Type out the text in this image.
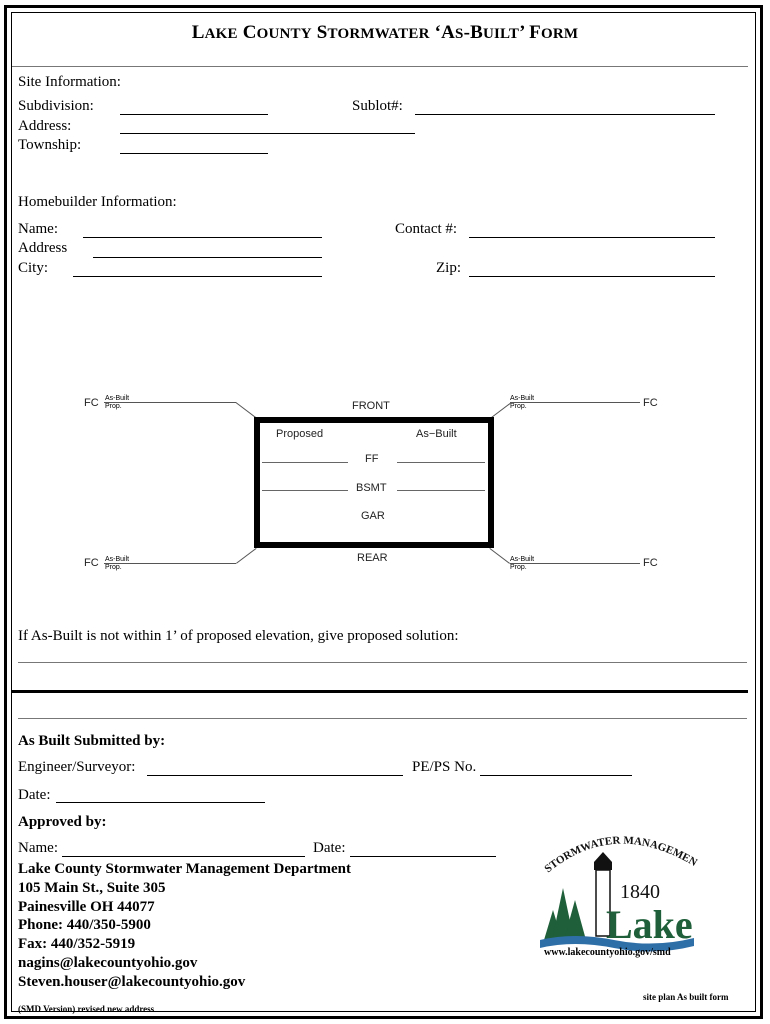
LAKE COUNTY STORMWATER ‘AS-BUILT’ FORM
Site Information:
Subdivision:	Sublot#:
Address:
Township:
Homebuilder Information:
Name:	Contact #:
Address
City:	Zip:
FC As-Built
Prop.
As-Built
Prop.	FC
FC As-Built
Prop.
As-Built
Prop.	FC
FRONT
Proposed	As−Built
FF
BSMT
GAR
REAR
If As-Built is not within 1’ of proposed elevation, give proposed solution:
As Built Submitted by:
Engineer/Surveyor:	PE/PS No.
Date:
Approved by:
Name:	Date:
Lake County Stormwater Management Department
105 Main St., Suite 305
Painesville OH 44077
Phone: 440/350-5900
Fax: 440/352-5919
nagins@lakecountyohio.gov
Steven.houser@lakecountyohio.gov
STORMWATER MANAGEMEN
1840
Lake
www.lakecountyohio.gov/smd
site plan As built form
(SMD Version) revised new address
